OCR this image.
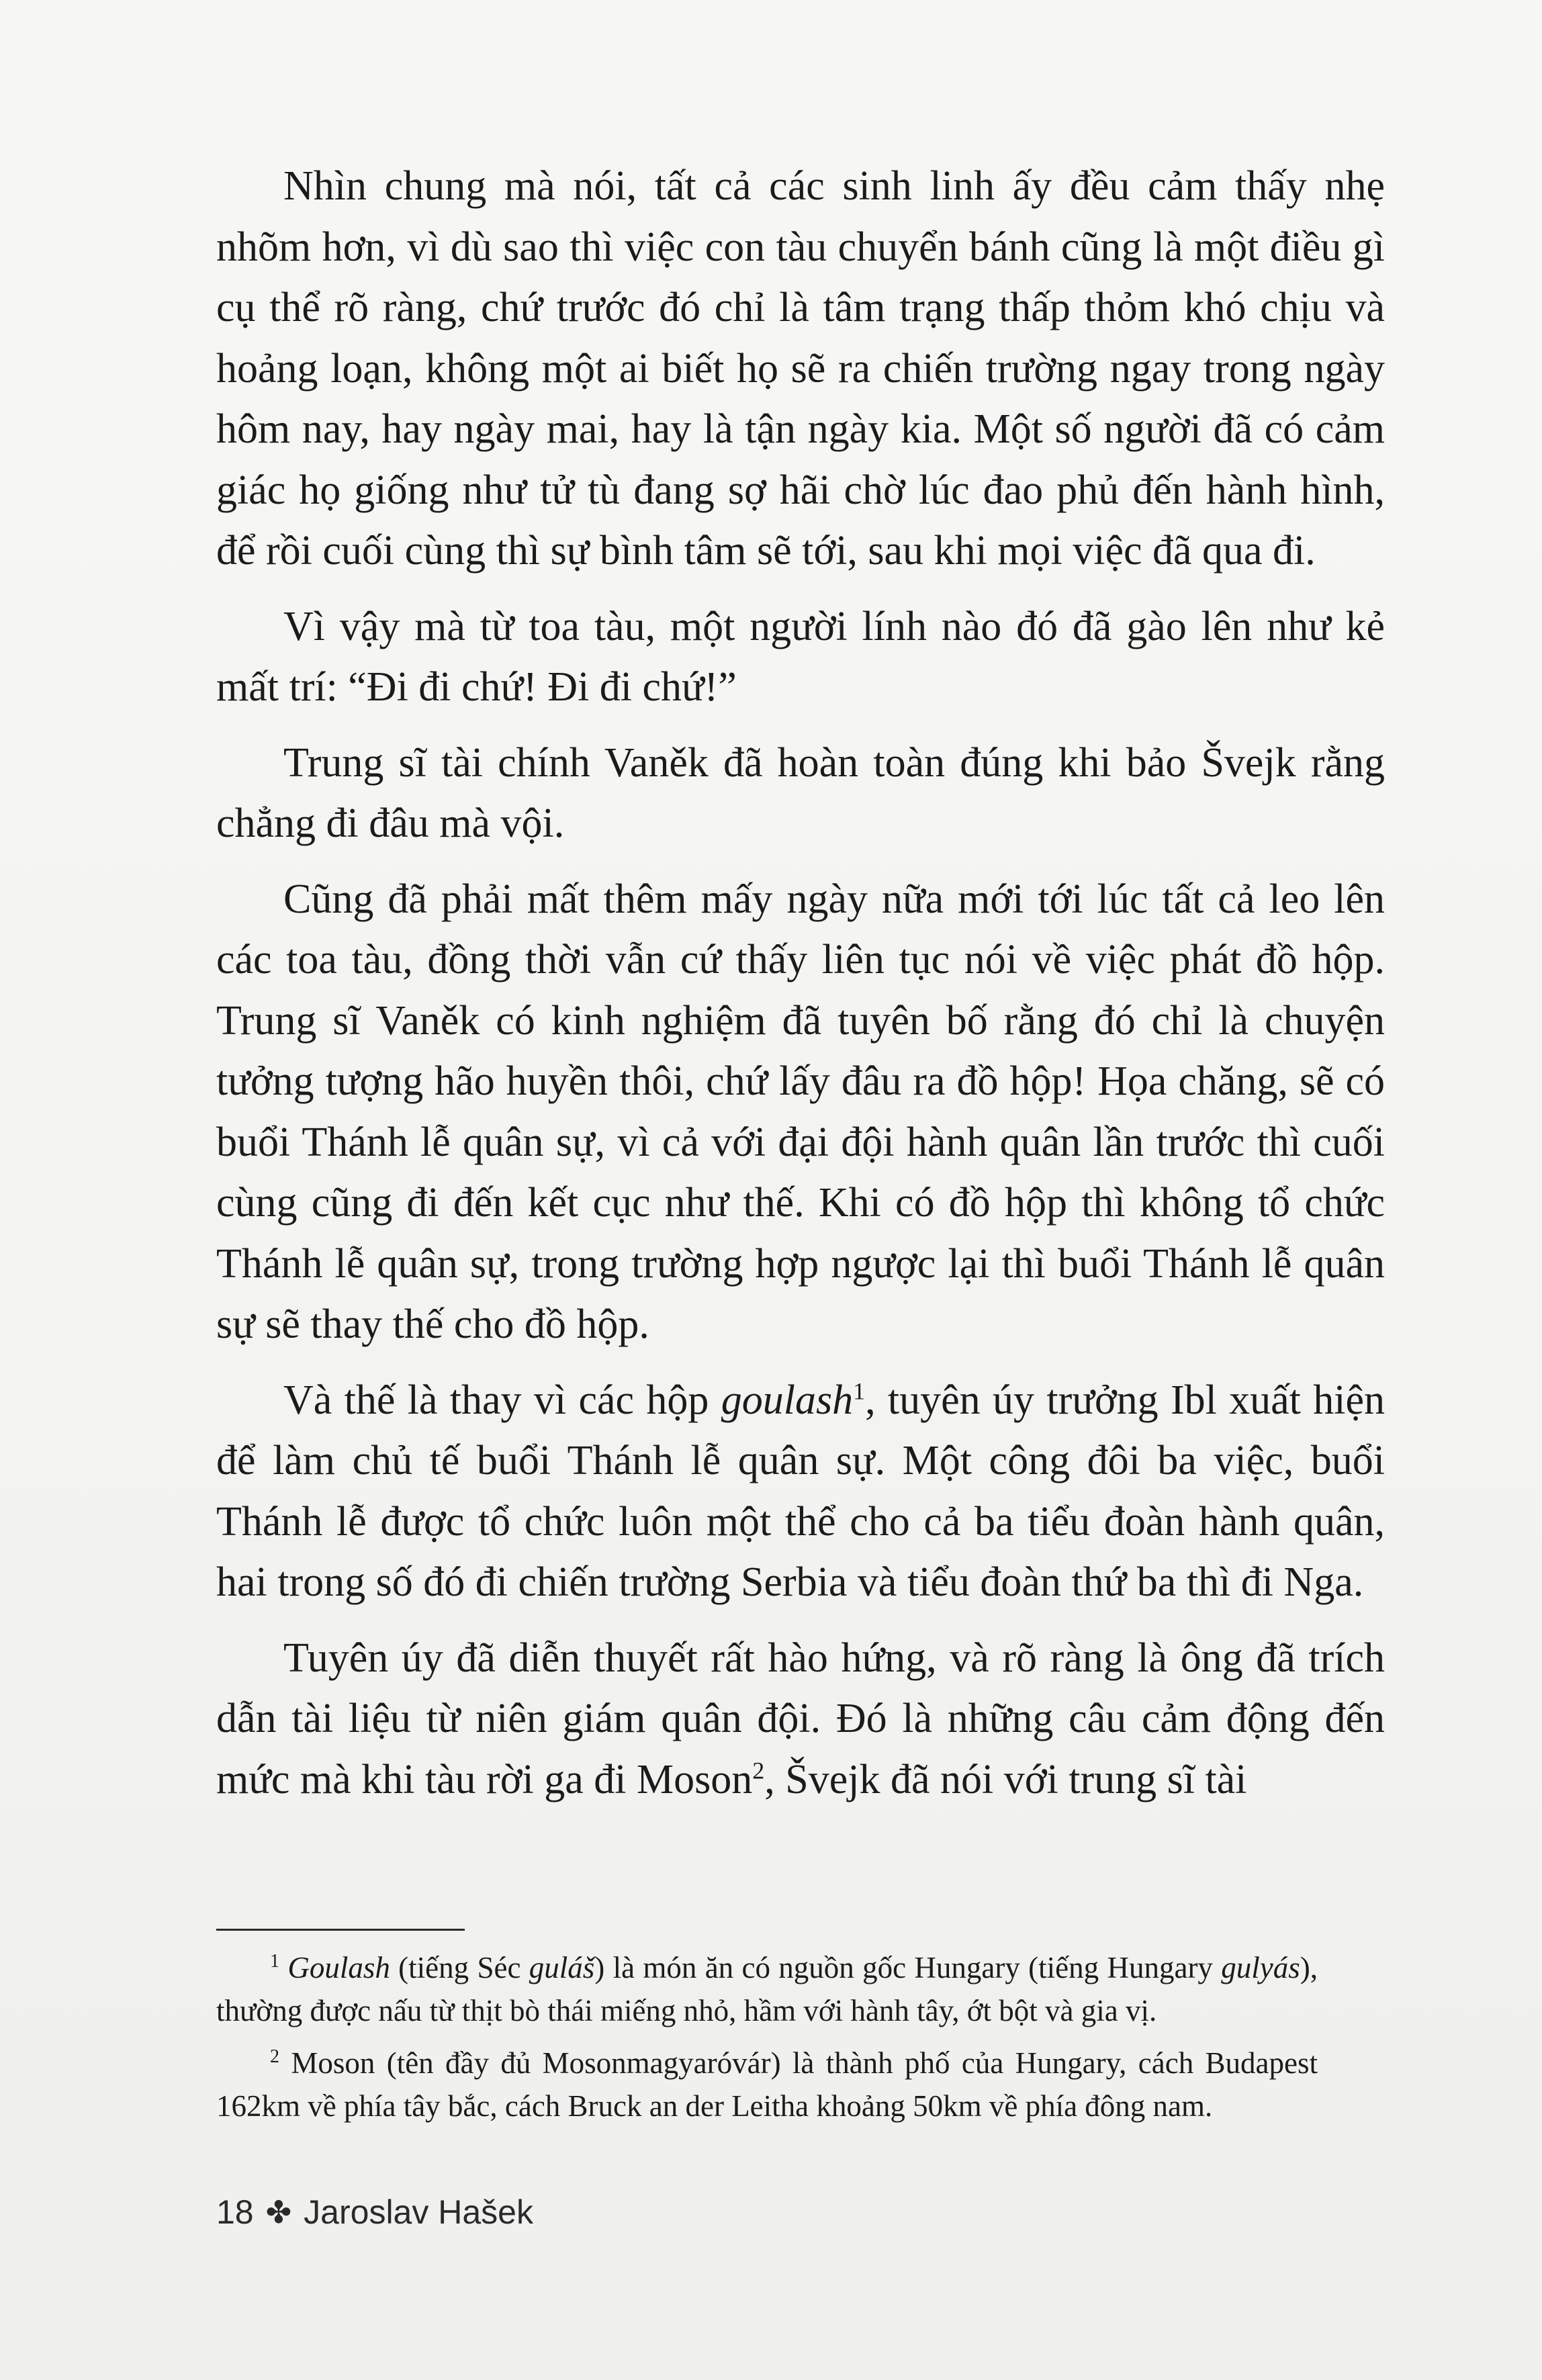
Nhìn chung mà nói, tất cả các sinh linh ấy đều cảm thấy nhẹ nhõm hơn, vì dù sao thì việc con tàu chuyển bánh cũng là một điều gì cụ thể rõ ràng, chứ trước đó chỉ là tâm trạng thấp thỏm khó chịu và hoảng loạn, không một ai biết họ sẽ ra chiến trường ngay trong ngày hôm nay, hay ngày mai, hay là tận ngày kia. Một số người đã có cảm giác họ giống như tử tù đang sợ hãi chờ lúc đao phủ đến hành hình, để rồi cuối cùng thì sự bình tâm sẽ tới, sau khi mọi việc đã qua đi.

Vì vậy mà từ toa tàu, một người lính nào đó đã gào lên như kẻ mất trí: “Đi đi chứ! Đi đi chứ!”

Trung sĩ tài chính Vaněk đã hoàn toàn đúng khi bảo Švejk rằng chẳng đi đâu mà vội.

Cũng đã phải mất thêm mấy ngày nữa mới tới lúc tất cả leo lên các toa tàu, đồng thời vẫn cứ thấy liên tục nói về việc phát đồ hộp. Trung sĩ Vaněk có kinh nghiệm đã tuyên bố rằng đó chỉ là chuyện tưởng tượng hão huyền thôi, chứ lấy đâu ra đồ hộp! Họa chăng, sẽ có buổi Thánh lễ quân sự, vì cả với đại đội hành quân lần trước thì cuối cùng cũng đi đến kết cục như thế. Khi có đồ hộp thì không tổ chức Thánh lễ quân sự, trong trường hợp ngược lại thì buổi Thánh lễ quân sự sẽ thay thế cho đồ hộp.

Và thế là thay vì các hộp goulash$^1$, tuyên úy trưởng Ibl xuất hiện để làm chủ tế buổi Thánh lễ quân sự. Một công đôi ba việc, buổi Thánh lễ được tổ chức luôn một thể cho cả ba tiểu đoàn hành quân, hai trong số đó đi chiến trường Serbia và tiểu đoàn thứ ba thì đi Nga.

Tuyên úy đã diễn thuyết rất hào hứng, và rõ ràng là ông đã trích dẫn tài liệu từ niên giám quân đội. Đó là những câu cảm động đến mức mà khi tàu rời ga đi Moson$^2$, Švejk đã nói với trung sĩ tài

$^1$ Goulash (tiếng Séc guláš) là món ăn có nguồn gốc Hungary (tiếng Hungary gulyás), thường được nấu từ thịt bò thái miếng nhỏ, hầm với hành tây, ớt bột và gia vị.

$^2$ Moson (tên đầy đủ Mosonmagyaróvár) là thành phố của Hungary, cách Budapest 162km về phía tây bắc, cách Bruck an der Leitha khoảng 50km về phía đông nam.

18 ✤ Jaroslav Hašek
